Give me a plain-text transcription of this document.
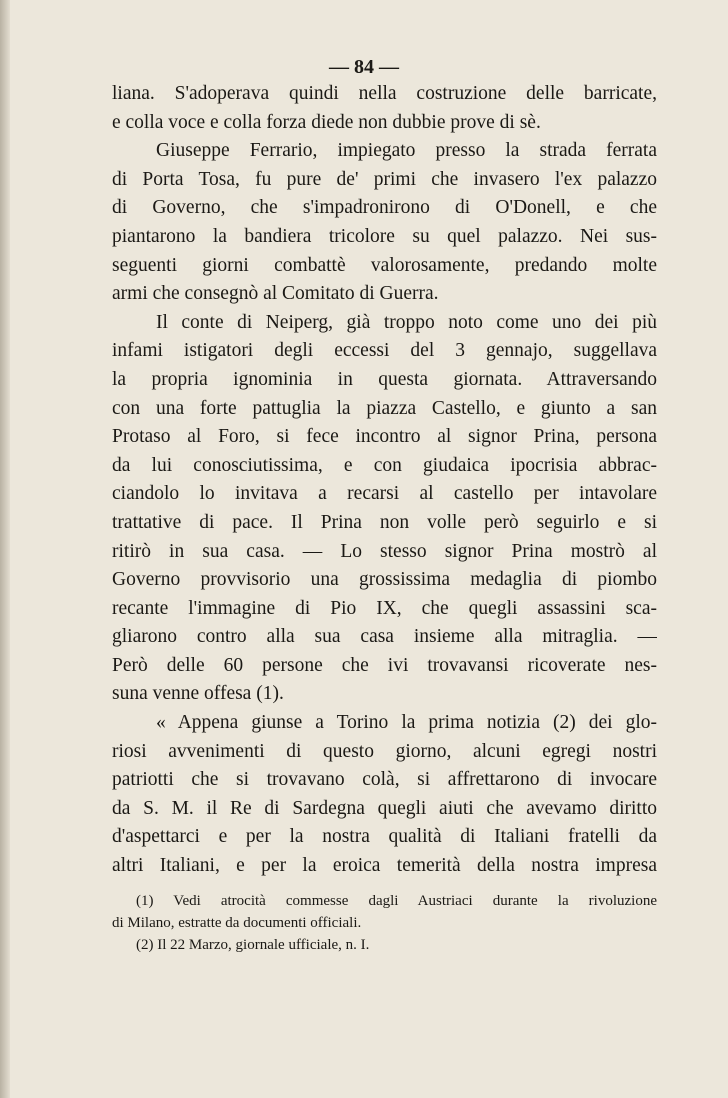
— 84 —
liana. S'adoperava quindi nella costruzione delle barricate,
e colla voce e colla forza diede non dubbie prove di sè.
Giuseppe Ferrario, impiegato presso la strada ferrata
di Porta Tosa, fu pure de' primi che invasero l'ex palazzo
di Governo, che s'impadronirono di O'Donell, e che
piantarono la bandiera tricolore su quel palazzo. Nei sus-
seguenti giorni combattè valorosamente, predando molte
armi che consegnò al Comitato di Guerra.
Il conte di Neiperg, già troppo noto come uno dei più
infami istigatori degli eccessi del 3 gennajo, suggellava
la propria ignominia in questa giornata. Attraversando
con una forte pattuglia la piazza Castello, e giunto a san
Protaso al Foro, si fece incontro al signor Prina, persona
da lui conosciutissima, e con giudaica ipocrisia abbrac-
ciandolo lo invitava a recarsi al castello per intavolare
trattative di pace. Il Prina non volle però seguirlo e si
ritirò in sua casa. — Lo stesso signor Prina mostrò al
Governo provvisorio una grossissima medaglia di piombo
recante l'immagine di Pio IX, che quegli assassini sca-
gliarono contro alla sua casa insieme alla mitraglia. —
Però delle 60 persone che ivi trovavansi ricoverate nes-
suna venne offesa (1).
« Appena giunse a Torino la prima notizia (2) dei glo-
riosi avvenimenti di questo giorno, alcuni egregi nostri
patriotti che si trovavano colà, si affrettarono di invocare
da S. M. il Re di Sardegna quegli aiuti che avevamo diritto
d'aspettarci e per la nostra qualità di Italiani fratelli da
altri Italiani, e per la eroica temerità della nostra impresa
(1) Vedi atrocità commesse dagli Austriaci durante la rivoluzione
di Milano, estratte da documenti officiali.
(2) Il 22 Marzo, giornale ufficiale, n. I.
